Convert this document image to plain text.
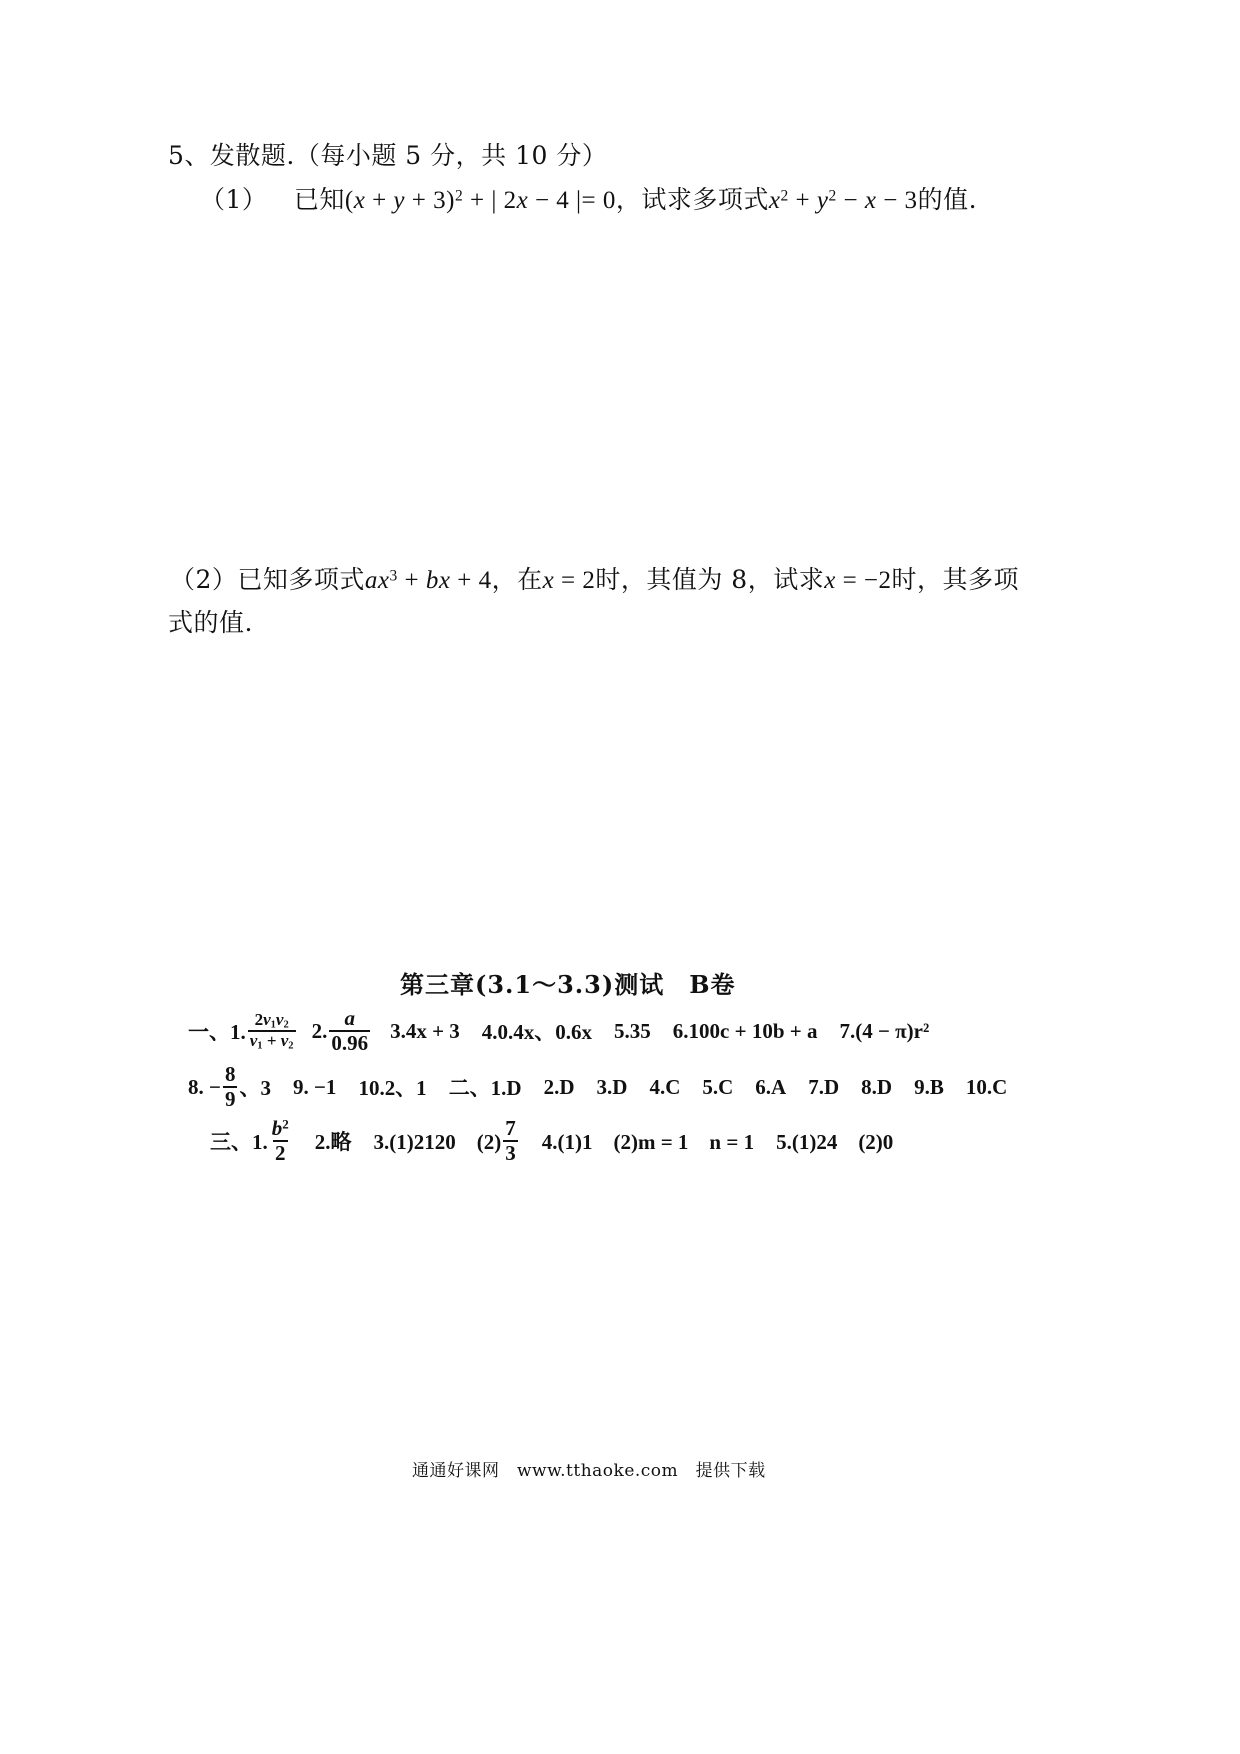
5、发散题.（每小题 5 分，共 10 分）
（1） 已知$(x + y + 3)^2$ + | 2x − 4 |= 0，试求多项式$x^2 + y^2 - x - 3$的值.
（2）已知多项式$ax^3$ + bx + 4，在x = 2时，其值为 8，试求x = −2时，其多项
式的值.
第三章(3.1～3.3)测试　B卷
一、1. $\frac{2v_1v_2}{v_1 + v_2} 2$. $\frac{a}{0.96} 3.4x + 3$ 4.0.4x、0.6x 5.35 6.100c + 10b + a 7.(4 − π)r²
8. − $\frac{8}{9}$ 、3 9. −1 10.2、1 二、1.D 2.D 3.D 4.C 5.C 6.A 7.D 8.D 9.B 10.C
三、1. $\frac{b^2}{2} 2$.略 3.(1)2120　$(2) \frac{7}{3} 4.(1)1$　(2)m = 1　n = 1 5.(1)24　(2)0
通通好课网　www.tthaoke.com　提供下载
